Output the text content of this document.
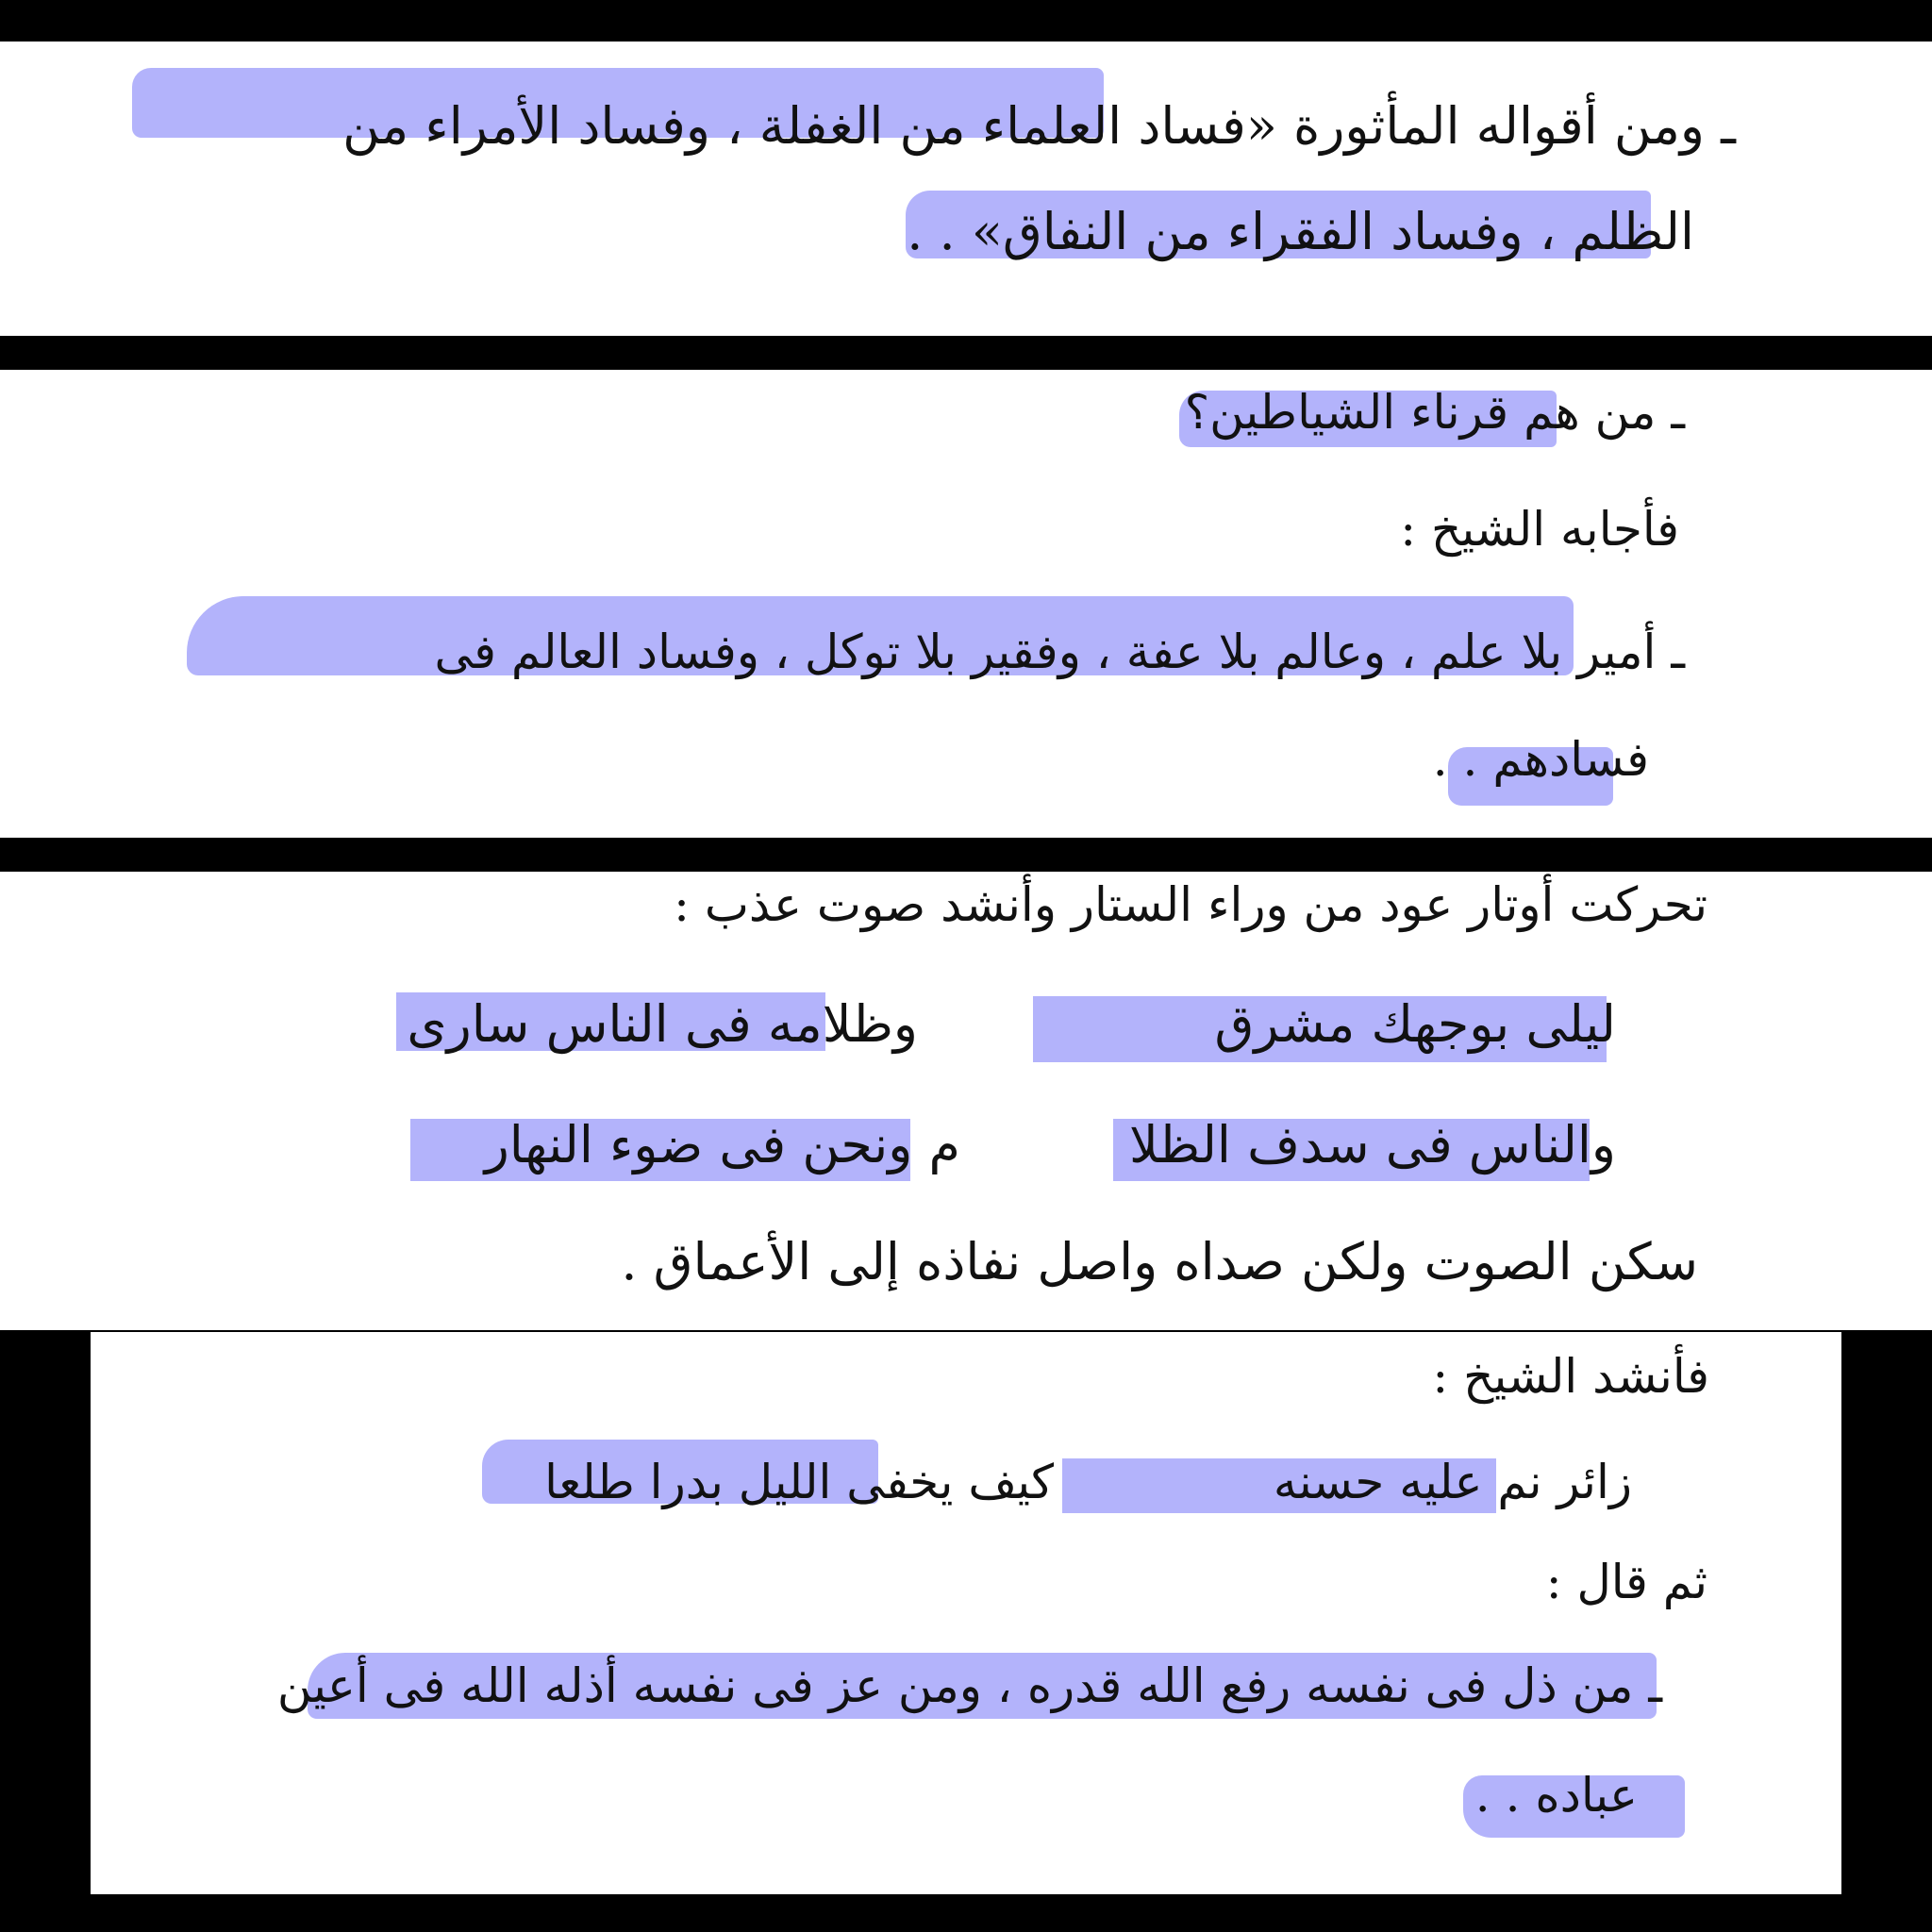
ـ ومن أقواله المأثورة «فساد العلماء من الغفلة ، وفساد الأمراء من

الظلم ، وفساد الفقراء من النفاق» . .

ـ من هم قرناء الشياطين؟

فأجابه الشيخ :

ـ أمير بلا علم ، وعالم بلا عفة ، وفقير بلا توكل ، وفساد العالم فى

فسادهم . .

تحركت أوتار عود من وراء الستار وأنشد صوت عذب :

ليلى بوجهك مشرق

وظلامه فى الناس سارى

والناس فى سدف الظلا

م ونحن فى ضوء النهار

سكن الصوت ولكن صداه واصل نفاذه إلى الأعماق .

فأنشد الشيخ :

زائر نم عليه حسنه

كيف يخفى الليل بدرا طلعا

ثم قال :

ـ من ذل فى نفسه رفع الله قدره ، ومن عز فى نفسه أذله الله فى أعين

عباده . .
